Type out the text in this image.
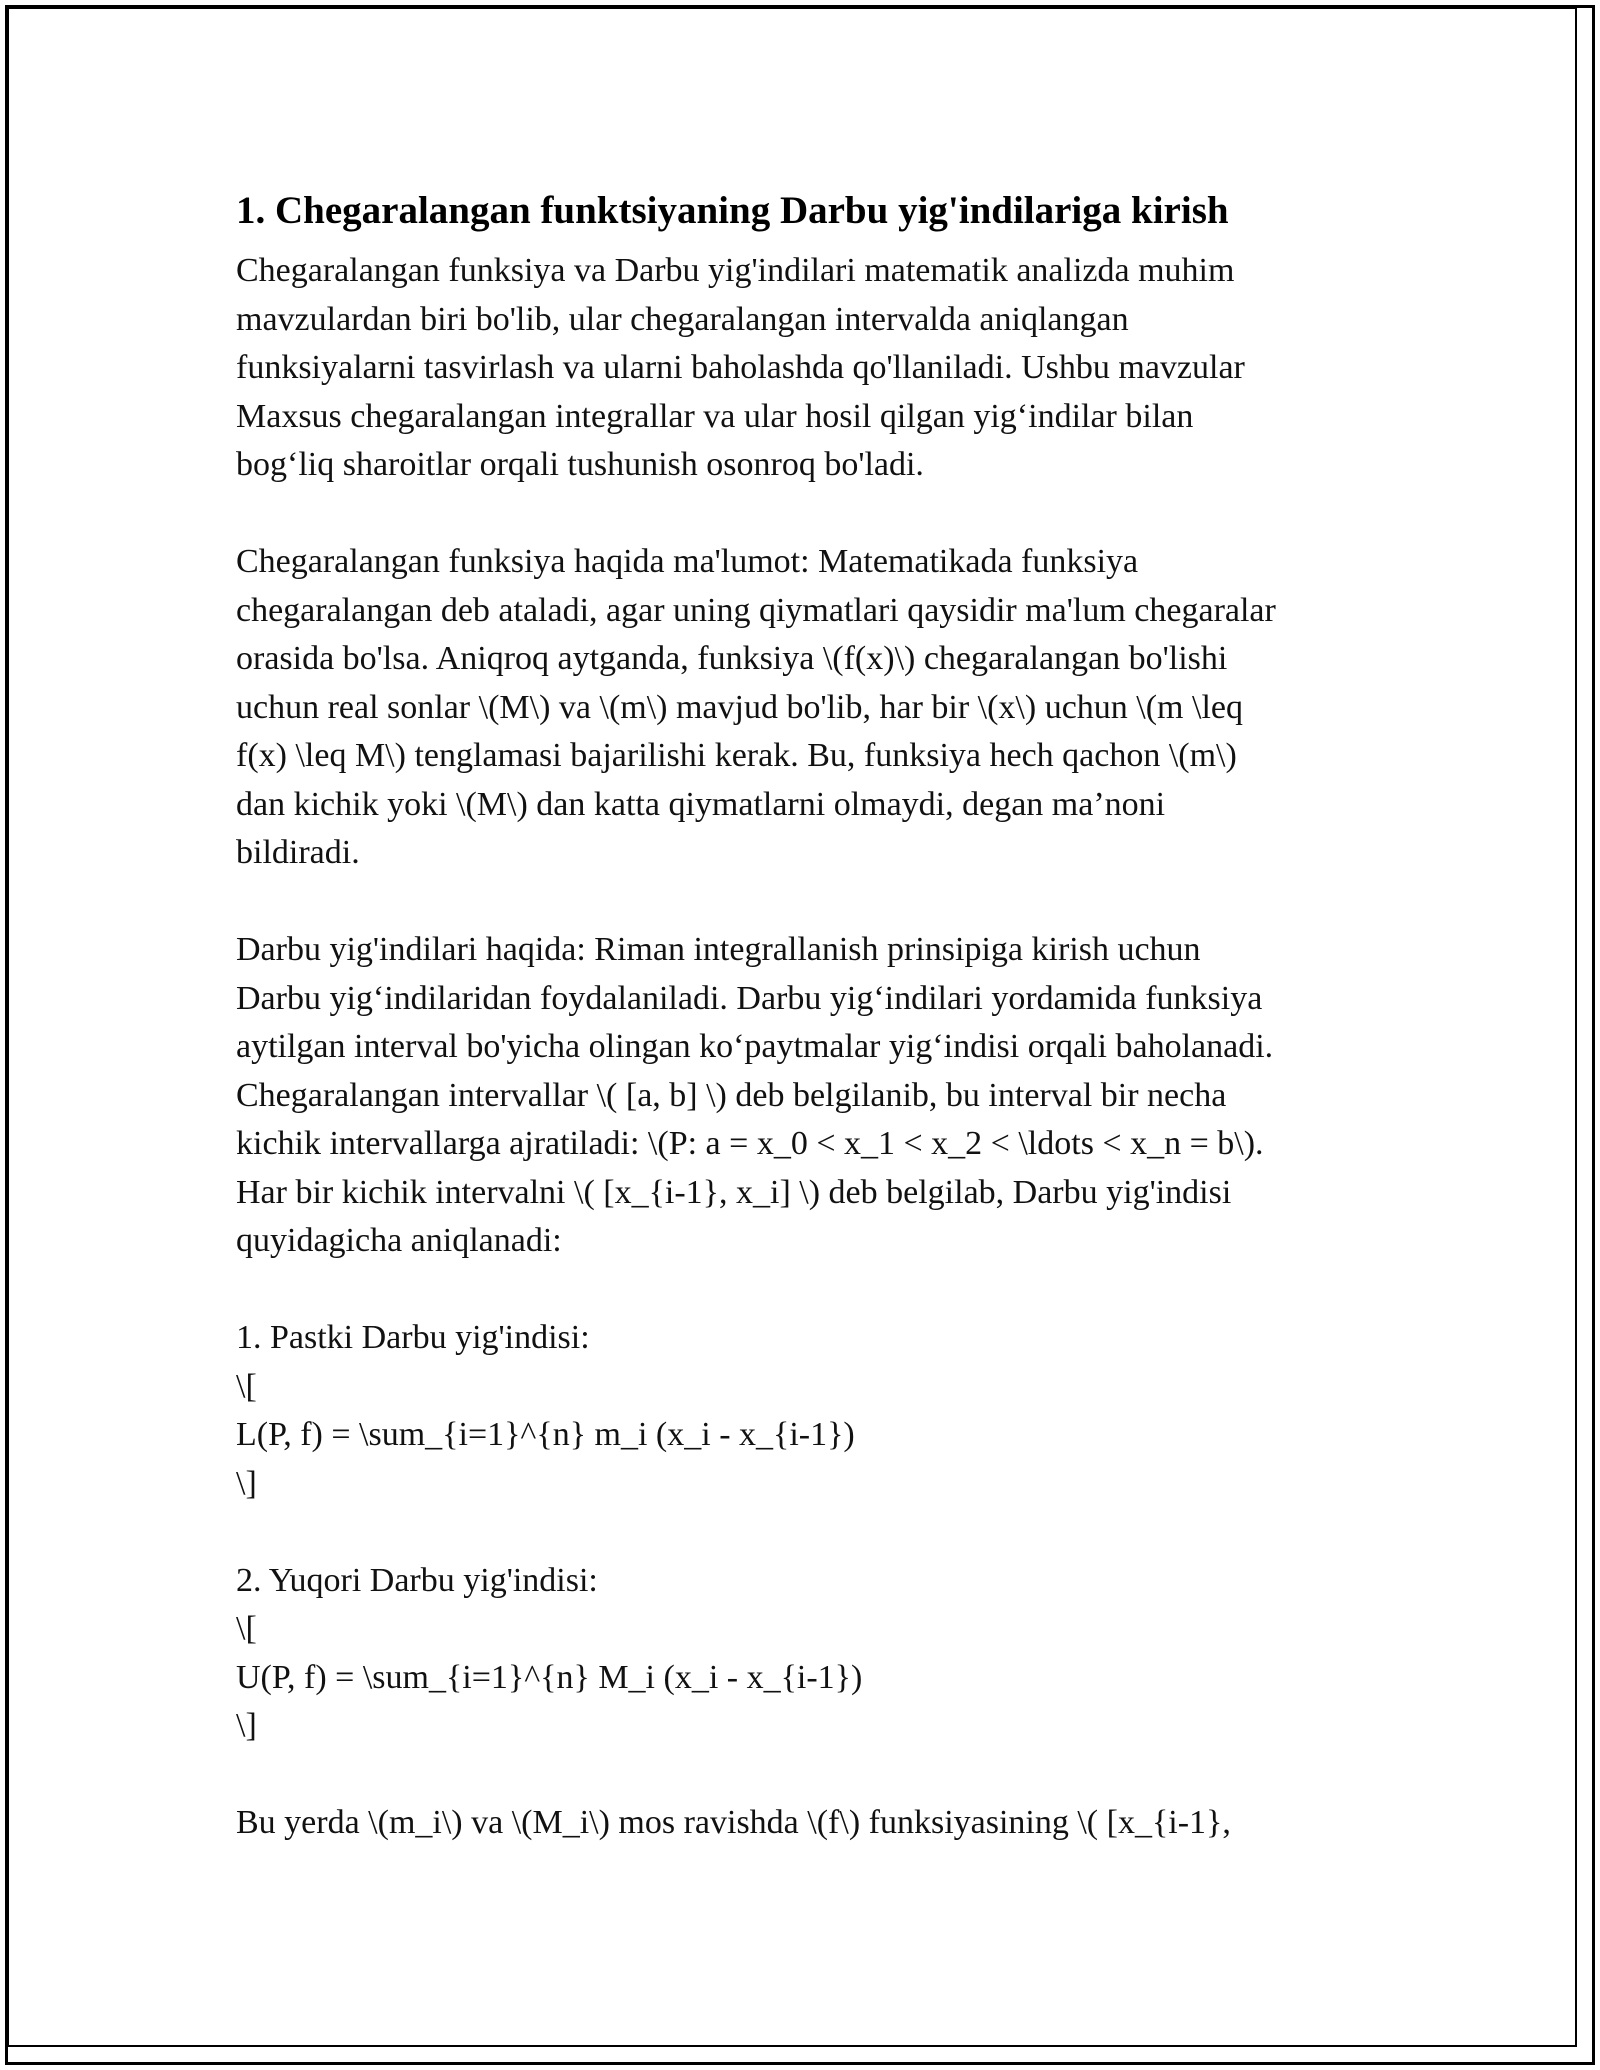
1. Chegaralangan funktsiyaning Darbu yig'indilariga kirish

Chegaralangan funksiya va Darbu yig'indilari matematik analizda muhim
mavzulardan biri bo'lib, ular chegaralangan intervalda aniqlangan
funksiyalarni tasvirlash va ularni baholashda qo'llaniladi. Ushbu mavzular
Maxsus chegaralangan integrallar va ular hosil qilgan yig‘indilar bilan
bog‘liq sharoitlar orqali tushunish osonroq bo'ladi.

Chegaralangan funksiya haqida ma'lumot: Matematikada funksiya
chegaralangan deb ataladi, agar uning qiymatlari qaysidir ma'lum chegaralar
orasida bo'lsa. Aniqroq aytganda, funksiya \(f(x)\) chegaralangan bo'lishi
uchun real sonlar \(M\) va \(m\) mavjud bo'lib, har bir \(x\) uchun \(m \leq
f(x) \leq M\) tenglamasi bajarilishi kerak. Bu, funksiya hech qachon \(m\)
dan kichik yoki \(M\) dan katta qiymatlarni olmaydi, degan ma’noni
bildiradi.

Darbu yig'indilari haqida: Riman integrallanish prinsipiga kirish uchun
Darbu yig‘indilaridan foydalaniladi. Darbu yig‘indilari yordamida funksiya
aytilgan interval bo'yicha olingan ko‘paytmalar yig‘indisi orqali baholanadi.
Chegaralangan intervallar \( [a, b] \) deb belgilanib, bu interval bir necha
kichik intervallarga ajratiladi: \(P: a = x_0 < x_1 < x_2 < \ldots < x_n = b\).
Har bir kichik intervalni \( [x_{i-1}, x_i] \) deb belgilab, Darbu yig'indisi
quyidagicha aniqlanadi:

1. Pastki Darbu yig'indisi:
\[
L(P, f) = \sum_{i=1}^{n} m_i (x_i - x_{i-1})
\]

2. Yuqori Darbu yig'indisi:
\[
U(P, f) = \sum_{i=1}^{n} M_i (x_i - x_{i-1})
\]

Bu yerda \(m_i\) va \(M_i\) mos ravishda \(f\) funksiyasining \( [x_{i-1},
